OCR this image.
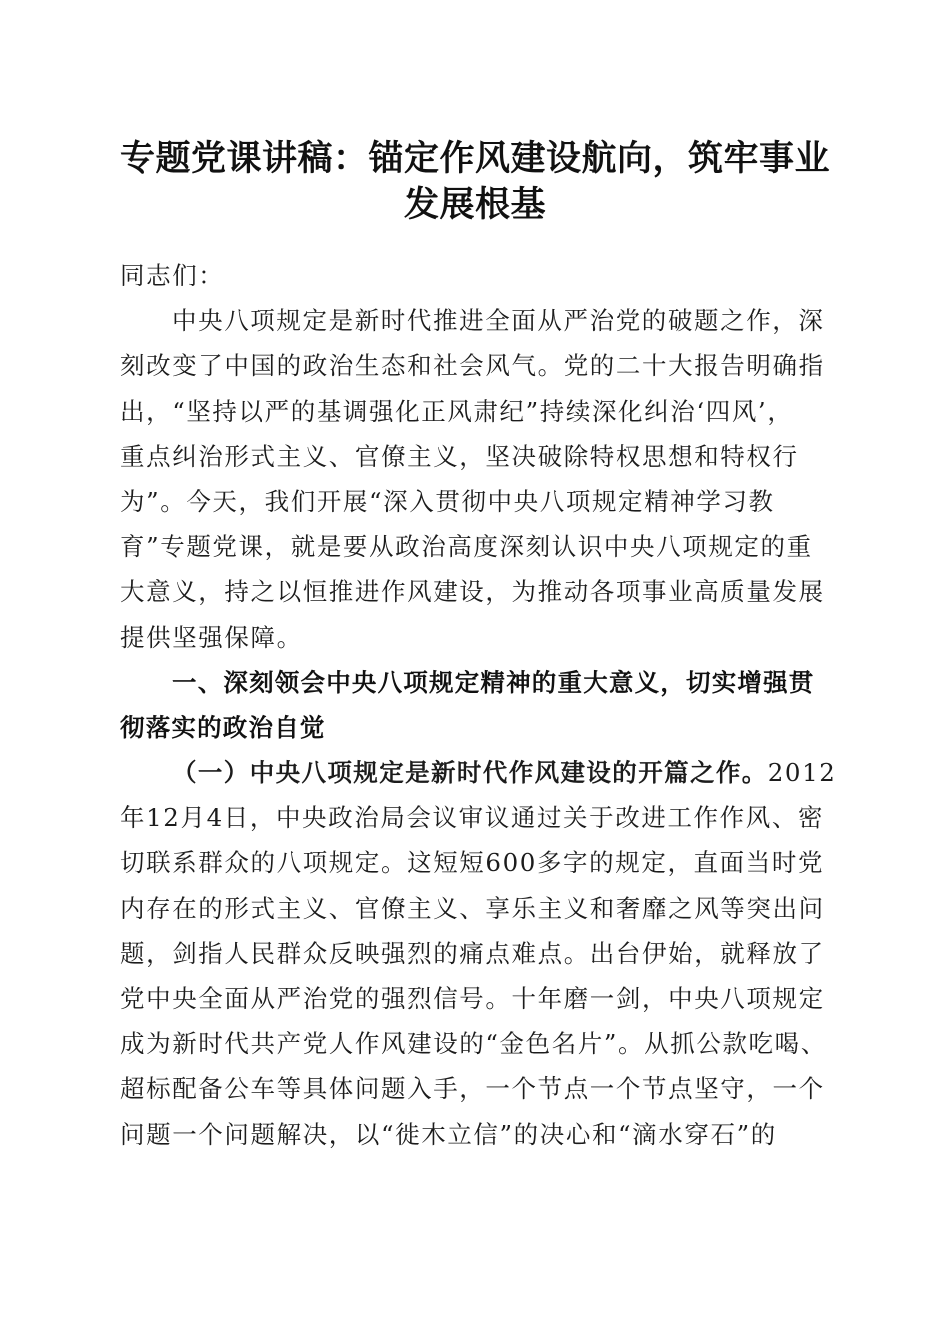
专题党课讲稿：锚定作风建设航向，筑牢事业
发展根基
同志们：
中央八项规定是新时代推进全面从严治党的破题之作，深
刻改变了中国的政治生态和社会风气。党的二十大报告明确指
出，“坚持以严的基调强化正风肃纪”持续深化纠治‘四风’，
重点纠治形式主义、官僚主义，坚决破除特权思想和特权行
为”。今天，我们开展“深入贯彻中央八项规定精神学习教
育”专题党课，就是要从政治高度深刻认识中央八项规定的重
大意义，持之以恒推进作风建设，为推动各项事业高质量发展
提供坚强保障。
一、深刻领会中央八项规定精神的重大意义，切实增强贯
彻落实的政治自觉
（一）中央八项规定是新时代作风建设的开篇之作。2012
年12月4日，中央政治局会议审议通过关于改进工作作风、密
切联系群众的八项规定。这短短600多字的规定，直面当时党
内存在的形式主义、官僚主义、享乐主义和奢靡之风等突出问
题，剑指人民群众反映强烈的痛点难点。出台伊始，就释放了
党中央全面从严治党的强烈信号。十年磨一剑，中央八项规定
成为新时代共产党人作风建设的“金色名片”。从抓公款吃喝、
超标配备公车等具体问题入手，一个节点一个节点坚守，一个
问题一个问题解决，以“徙木立信”的决心和“滴水穿石”的
